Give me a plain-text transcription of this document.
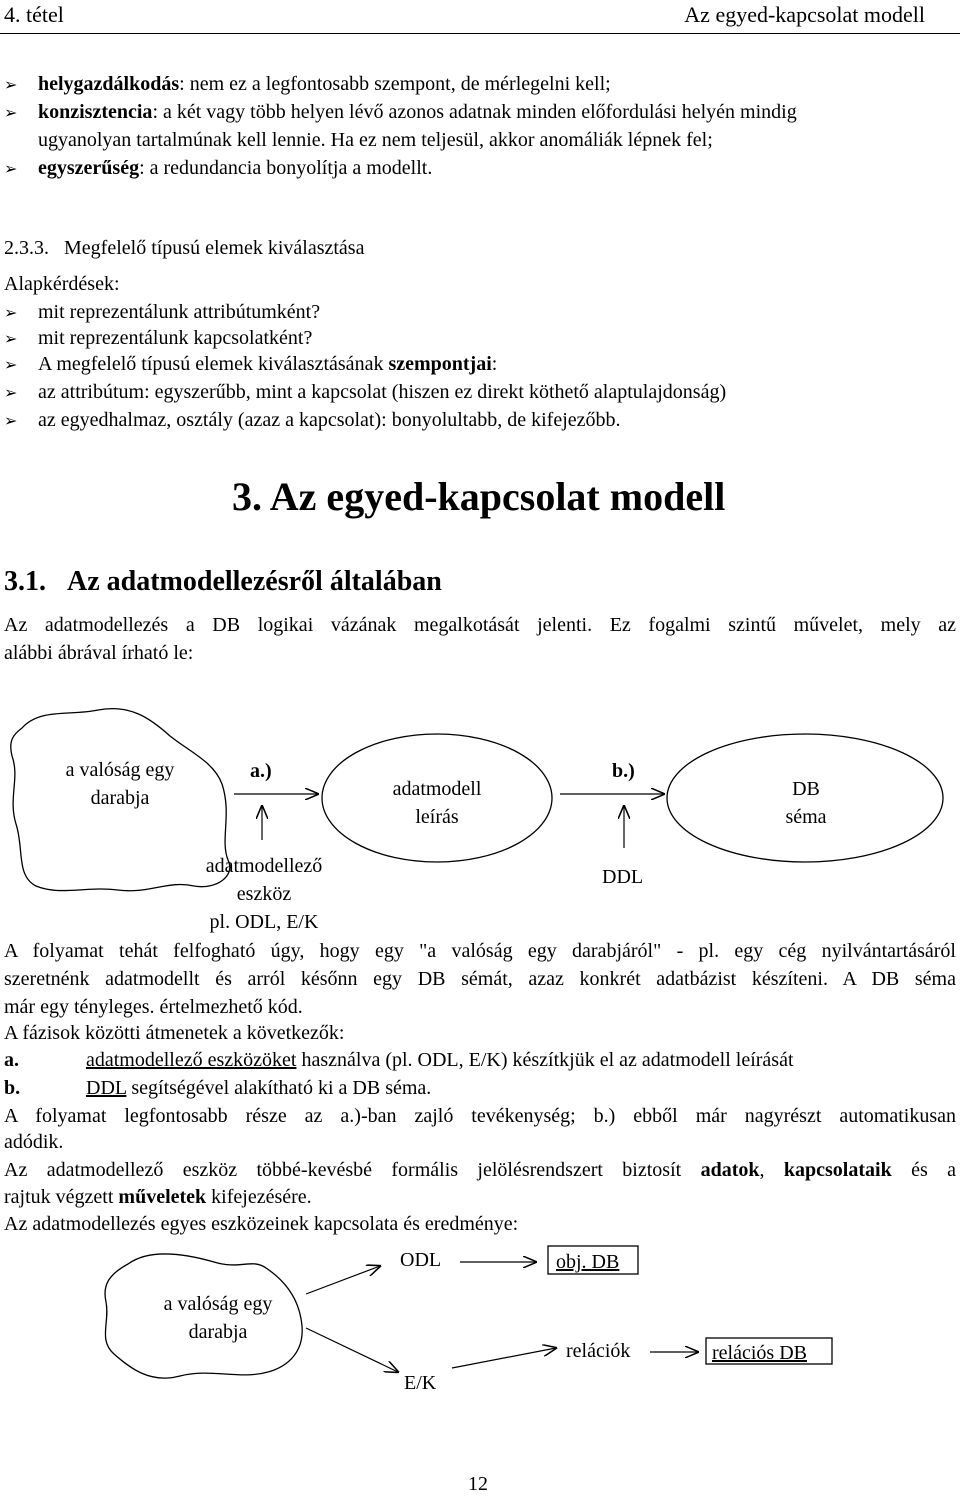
4. tétel	Az egyed-kapcsolat modell
➢ helygazdálkodás: nem ez a legfontosabb szempont, de mérlegelni kell;
➢ konzisztencia: a két vagy több helyen lévő azonos adatnak minden előfordulási helyén mindig
ugyanolyan tartalmúnak kell lennie. Ha ez nem teljesül, akkor anomáliák lépnek fel;
➢ egyszerűség: a redundancia bonyolítja a modellt.
2.3.3. Megfelelő típusú elemek kiválasztása
Alapkérdések:
➢ mit reprezentálunk attribútumként?
➢ mit reprezentálunk kapcsolatként?
➢ A megfelelő típusú elemek kiválasztásának szempontjai:
➢ az attribútum: egyszerűbb, mint a kapcsolat (hiszen ez direkt köthető alaptulajdonság)
➢ az egyedhalmaz, osztály (azaz a kapcsolat): bonyolultabb, de kifejezőbb.
3. Az egyed-kapcsolat modell
3.1. Az adatmodellezésről általában
Az adatmodellezés a DB logikai vázának megalkotását jelenti. Ez fogalmi szintű művelet, mely az
alábbi ábrával írható le:
a valóság egy
darabja
a.)
adatmodell
leírás
b.)
DB
séma
adatmodellező
eszköz
pl. ODL, E/K
DDL
A folyamat tehát felfogható úgy, hogy egy "a valóság egy darabjáról" - pl. egy cég nyilvántartásáról
szeretnénk adatmodellt és arról későnn egy DB sémát, azaz konkrét adatbázist készíteni. A DB séma
már egy tényleges. értelmezhető kód.
A fázisok közötti átmenetek a következők:
a.	adatmodellező eszközöket használva (pl. ODL, E/K) készítkjük el az adatmodell leírását
b.	DDL segítségével alakítható ki a DB séma.
A folyamat legfontosabb része az a.)-ban zajló tevékenység; b.) ebből már nagyrészt automatikusan
adódik.
Az adatmodellező eszköz többé-kevésbé formális jelölésrendszert biztosít adatok, kapcsolataik és a
rajtuk végzett műveletek kifejezésére.
Az adatmodellezés egyes eszközeinek kapcsolata és eredménye:
a valóság egy
darabja
ODL
E/K
obj. DB
relációk	relációs DB
12
